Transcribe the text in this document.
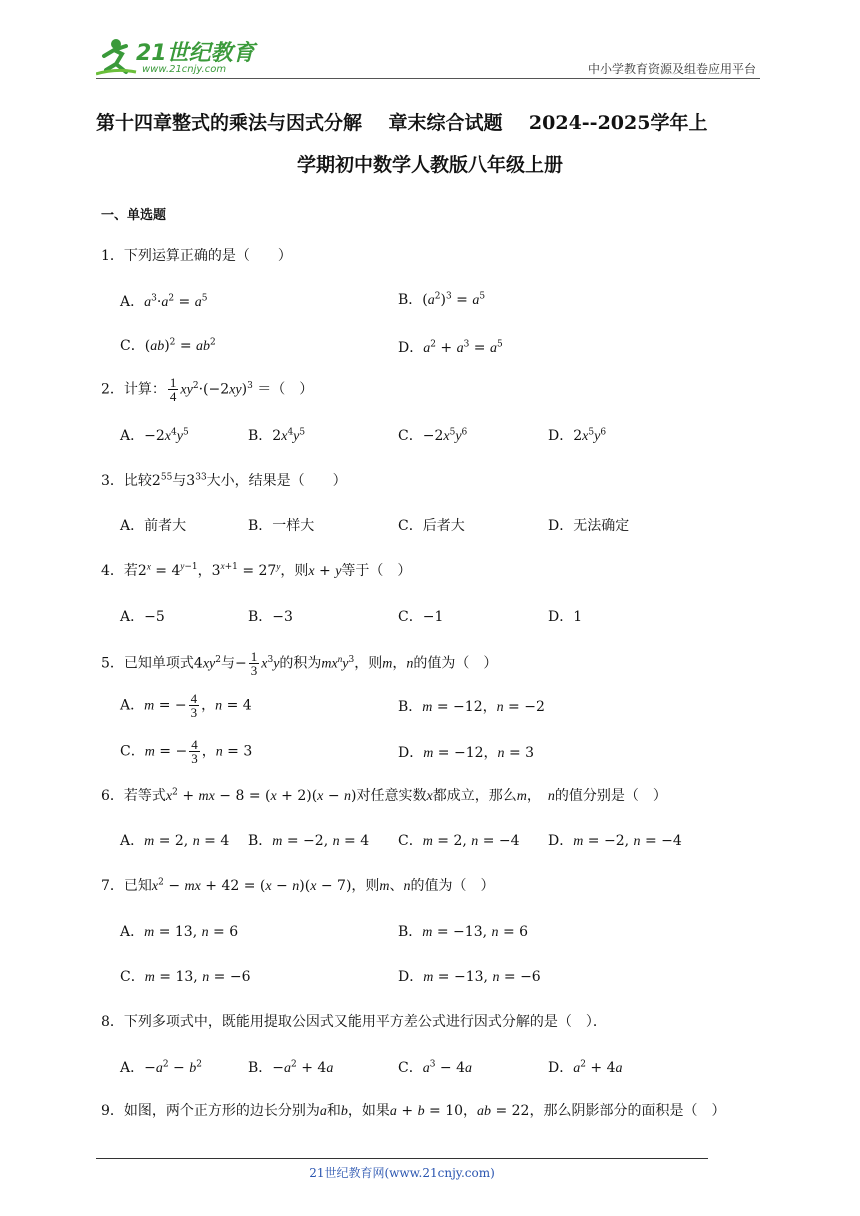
21世纪教育
www.21cnjy.com	中小学教育资源及组卷应用平台
第十四章整式的乘法与因式分解    章末综合试题    2024--2025学年上
学期初中数学人教版八年级上册
一、单选题
1．下列运算正确的是（　　）
A．$a^3\cdot a^2 = a^5$	B．$(a^2)^3 = a^5$
C．$(ab)^2 = ab^2$	D．$a^2 + a^3 = a^5$
2．计算： $\frac{1}{4} xy^2\cdot(-2xy)^3$ ＝（　）
A．$-2x^4y^5$	B．$2x^4y^5$	C．$-2x^5y^6$	D．$2x^5y^6$
3．比较$2^{55}$与$3^{33}$大小，结果是（　　）
A．前者大	B．一样大	C．后者大	D．无法确定
4．若$2^x = 4^{y-1}$，$3^{x+1} = 27^y$，则x + y等于（　）
A．−5	B．−3	C．−1	D．1
5．已知单项式$4xy^2$与− $\frac{1}{3} x^3y$的积为$mx^ny^3$，则m，n的值为（　）
A．m = − $\frac{4}{3}$ ，n = 4	B．m = −12，n = −2
C．m = − $\frac{4}{3}$ ，n = 3	D．m = −12，n = 3
6．若等式$x^2$ + mx − 8 = (x + 2)(x − n)对任意实数x都成立，那么m，　n的值分别是（　）
A．m = 2, n = 4 B．m = −2, n = 4 C．m = 2, n = −4 D．m = −2, n = −4
7．已知$x^2$ − mx + 42 = (x − n)(x − 7)，则m、n的值为（　）
A．m = 13, n = 6	B．m = −13, n = 6
C．m = 13, n = −6	D．m = −13, n = −6
8．下列多项式中，既能用提取公因式又能用平方差公式进行因式分解的是（　）．
A．$-a^2 - b^2$	B．$-a^2 + 4a$	C．$a^3 - 4a$	D．$a^2 + 4a$
9．如图，两个正方形的边长分别为a和b，如果a + b = 10，ab = 22，那么阴影部分的面积是（　）
21世纪教育网(www.21cnjy.com)
